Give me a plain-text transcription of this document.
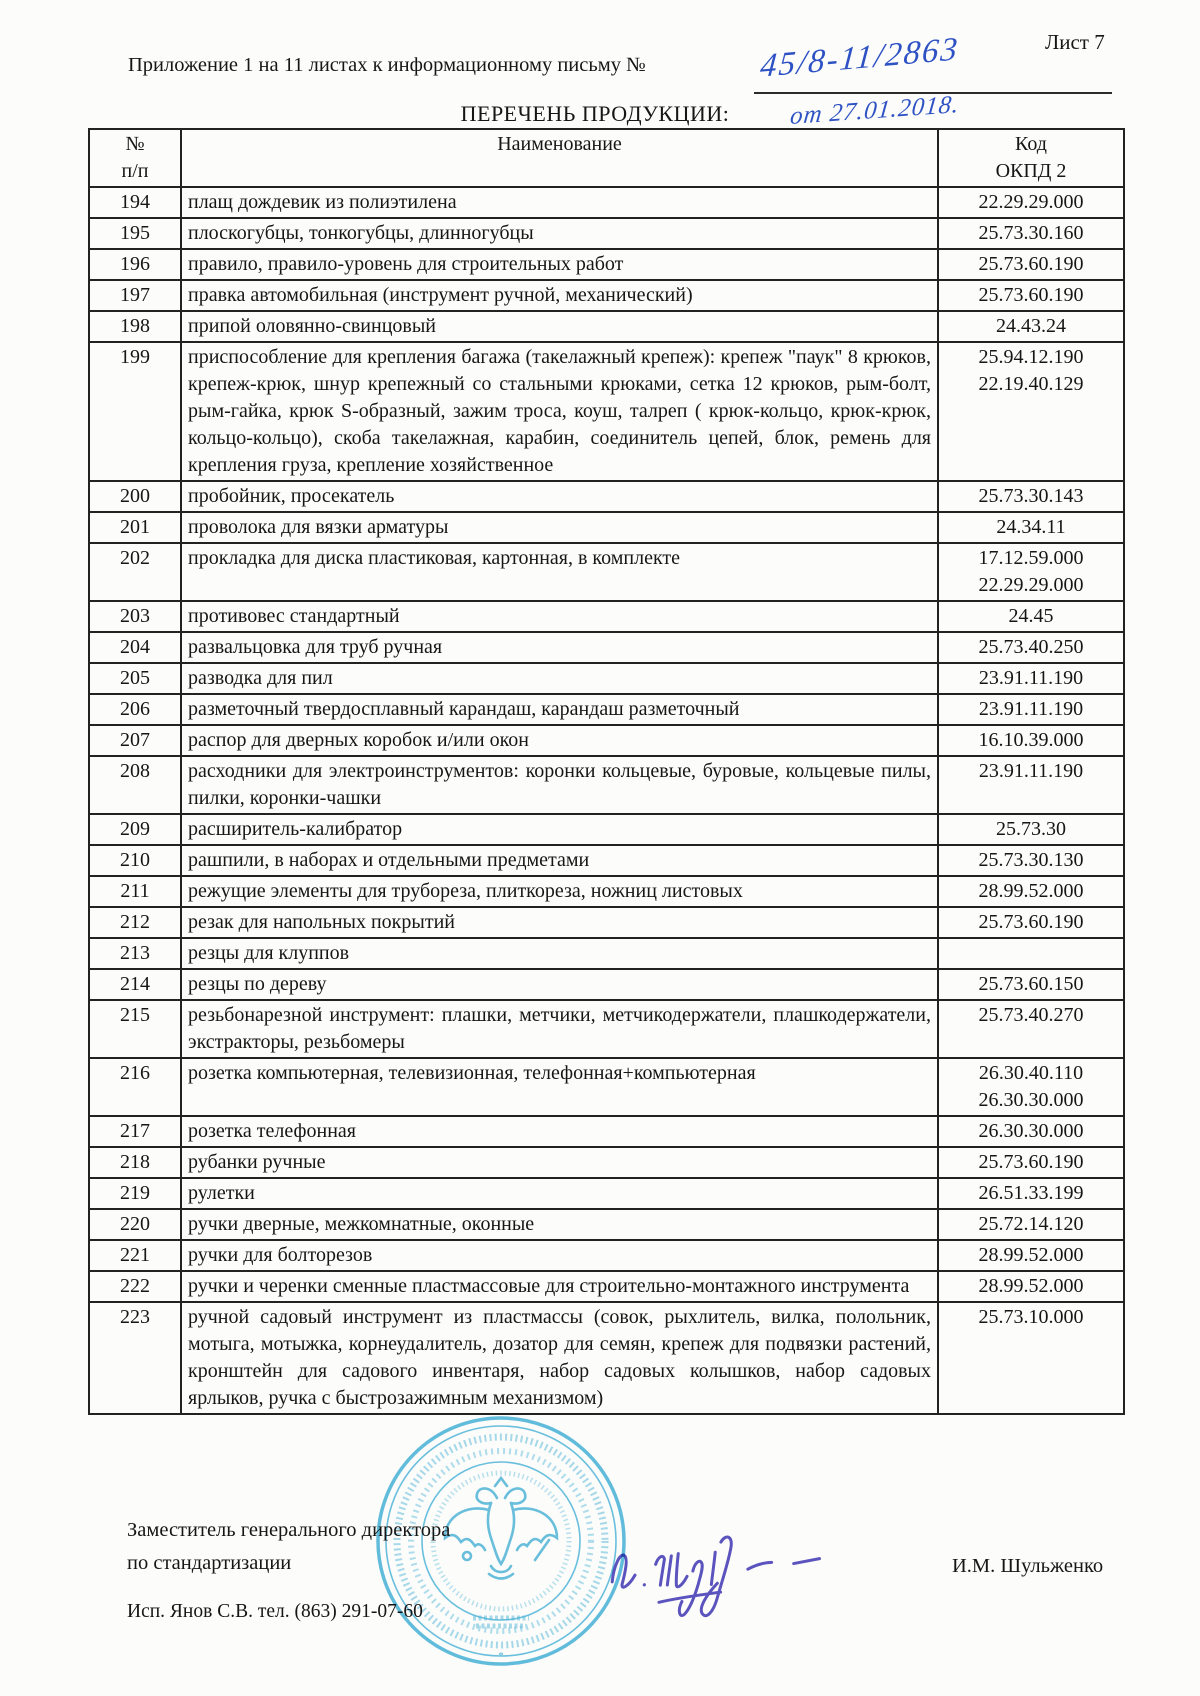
Лист 7
Приложение 1 на 11 листах к информационному письму №	45/8-11/2863
от 27.01.2018.
ПЕРЕЧЕНЬ ПРОДУКЦИИ:
№
п/п
	Наименование	Код
ОКПД 2

194	плащ дождевик из полиэтилена	22.29.29.000

195	плоскогубцы, тонкогубцы, длинногубцы	25.73.30.160

196	правило, правило-уровень для строительных работ	25.73.60.190

197	правка автомобильная (инструмент ручной, механический)	25.73.60.190

198	припой оловянно-свинцовый	24.43.24

199	приспособление для крепления багажа (такелажный крепеж): крепеж "паук" 8 крюков, крепеж-крюк, шнур крепежный со стальными крюками, сетка 12 крюков, рым-болт, рым-гайка, крюк S-образный, зажим троса, коуш, талреп ( крюк-кольцо, крюк-крюк, кольцо-кольцо), скоба такелажная, карабин, соединитель цепей, блок, ремень для крепления груза, крепление хозяйственное	25.94.12.190
22.19.40.129

200	пробойник, просекатель	25.73.30.143

201	проволока для вязки арматуры	24.34.11

202	прокладка для диска пластиковая, картонная, в комплекте	17.12.59.000
22.29.29.000

203	противовес стандартный	24.45

204	развальцовка для труб ручная	25.73.40.250

205	разводка для пил	23.91.11.190

206	разметочный твердосплавный карандаш, карандаш разметочный	23.91.11.190

207	распор для дверных коробок и/или окон	16.10.39.000

208	расходники для электроинструментов: коронки кольцевые, буровые, кольцевые пилы, пилки, коронки-чашки	23.91.11.190

209	расширитель-калибратор	25.73.30

210	рашпили, в наборах и отдельными предметами	25.73.30.130

211	режущие элементы для трубореза, плиткореза, ножниц листовых	28.99.52.000

212	резак для напольных покрытий	25.73.60.190

213	резцы для клуппов	
214	резцы по дереву	25.73.60.150

215	резьбонарезной инструмент: плашки, метчики, метчикодержатели, плашкодержатели, экстракторы, резьбомеры	25.73.40.270

216	розетка компьютерная, телевизионная, телефонная+компьютерная	26.30.40.110
26.30.30.000

217	розетка телефонная	26.30.30.000

218	рубанки ручные	25.73.60.190

219	рулетки	26.51.33.199

220	ручки дверные, межкомнатные, оконные	25.72.14.120

221	ручки для болторезов	28.99.52.000

222	ручки и черенки сменные пластмассовые для строительно-монтажного инструмента	28.99.52.000

223	ручной садовый инструмент из пластмассы (совок, рыхлитель, вилка, полольник, мотыга, мотыжка, корнеудалитель, дозатор для семян, крепеж для подвязки растений, кронштейн для садового инвентаря, набор садовых колышков, набор садовых ярлыков, ручка с быстрозажимным механизмом)	25.73.10.000
*
Заместитель генерального директора
по стандартизации	И.М. Шульженко
Исп. Янов С.В. тел. (863) 291-07-60
